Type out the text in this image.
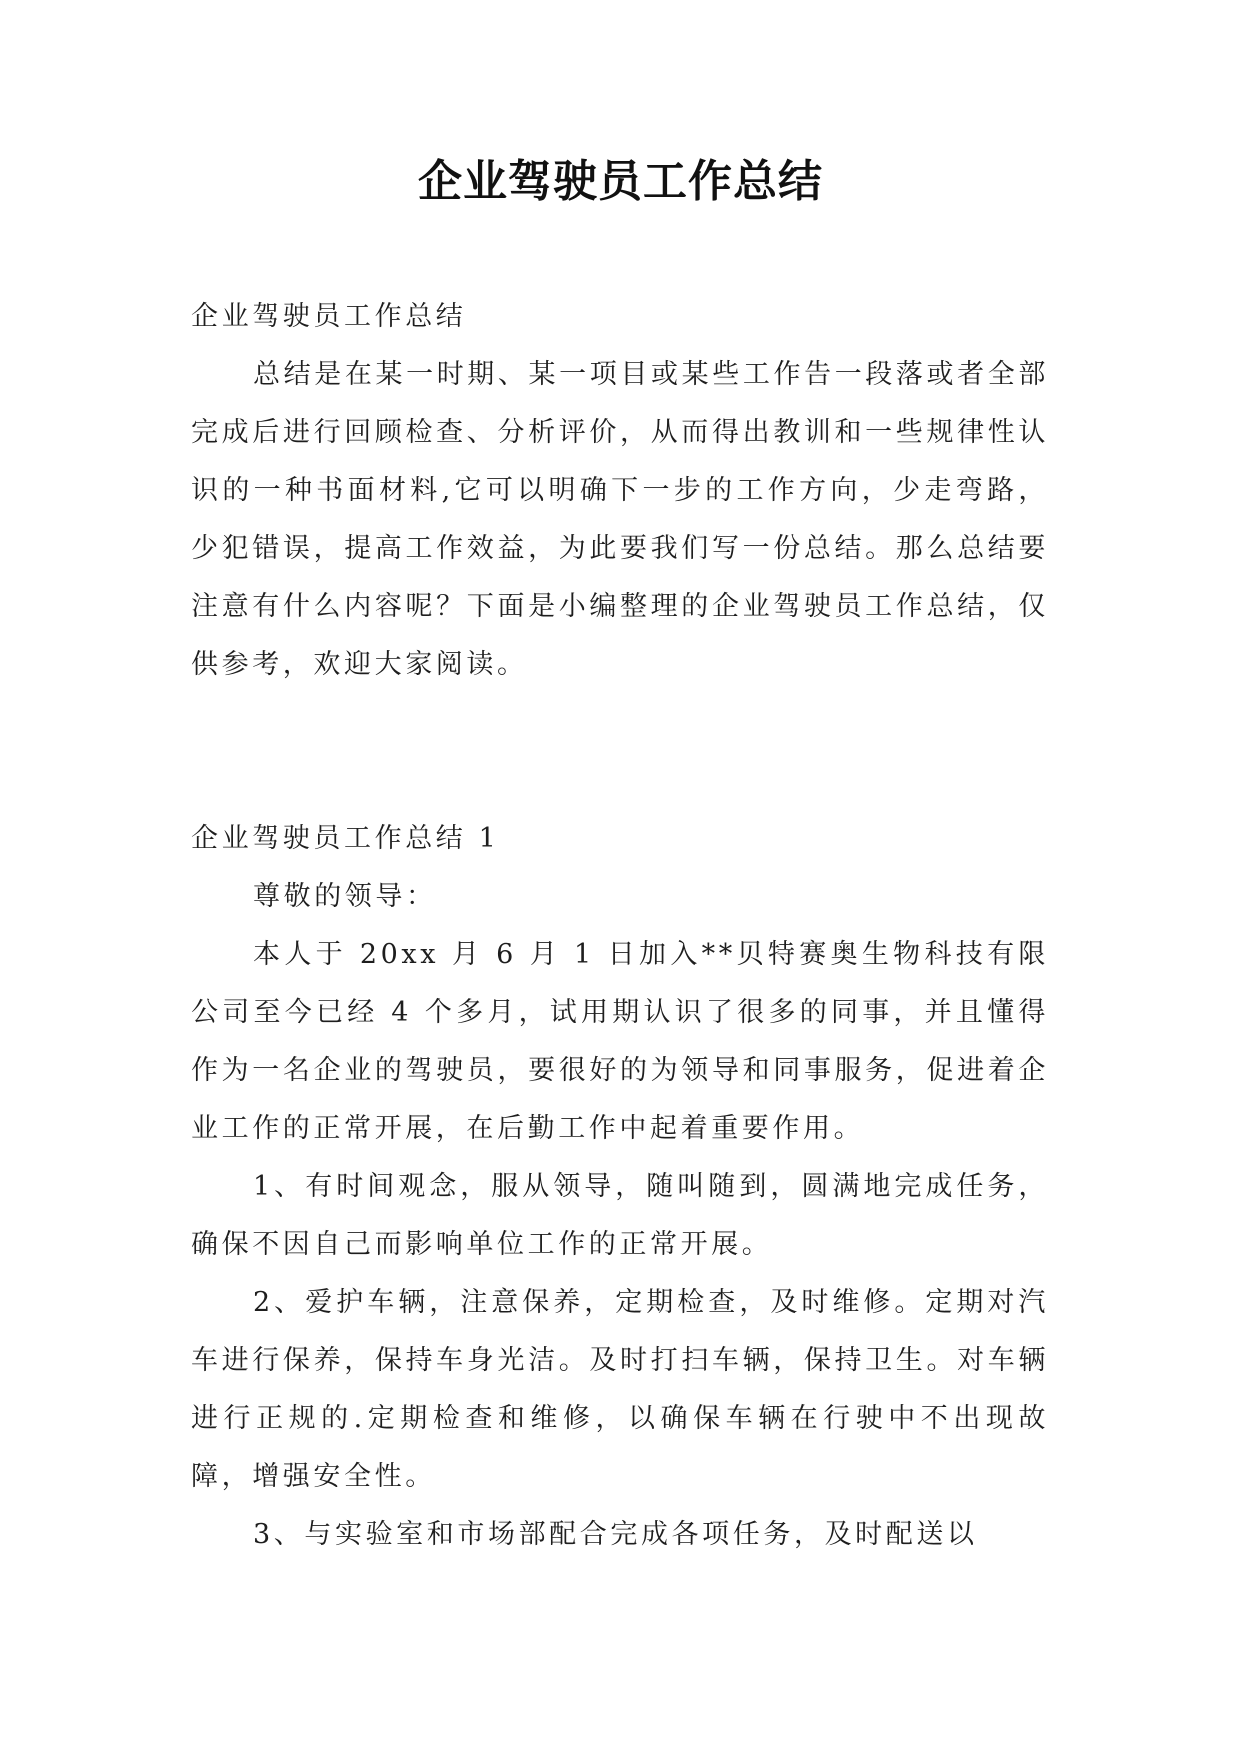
企业驾驶员工作总结

企业驾驶员工作总结

总结是在某一时期、某一项目或某些工作告一段落或者全部完成后进行回顾检查、分析评价，从而得出教训和一些规律性认识的一种书面材料,它可以明确下一步的工作方向，少走弯路，少犯错误，提高工作效益，为此要我们写一份总结。那么总结要注意有什么内容呢？下面是小编整理的企业驾驶员工作总结，仅供参考，欢迎大家阅读。

企业驾驶员工作总结 1

尊敬的领导：

本人于 20xx 月 6 月 1 日加入**贝特赛奥生物科技有限公司至今已经 4 个多月，试用期认识了很多的同事，并且懂得作为一名企业的驾驶员，要很好的为领导和同事服务，促进着企业工作的正常开展，在后勤工作中起着重要作用。

1、有时间观念，服从领导，随叫随到，圆满地完成任务，确保不因自己而影响单位工作的正常开展。

2、爱护车辆，注意保养，定期检查，及时维修。定期对汽车进行保养，保持车身光洁。及时打扫车辆，保持卫生。对车辆进行正规的.定期检查和维修，以确保车辆在行驶中不出现故障，增强安全性。

3、与实验室和市场部配合完成各项任务，及时配送以
